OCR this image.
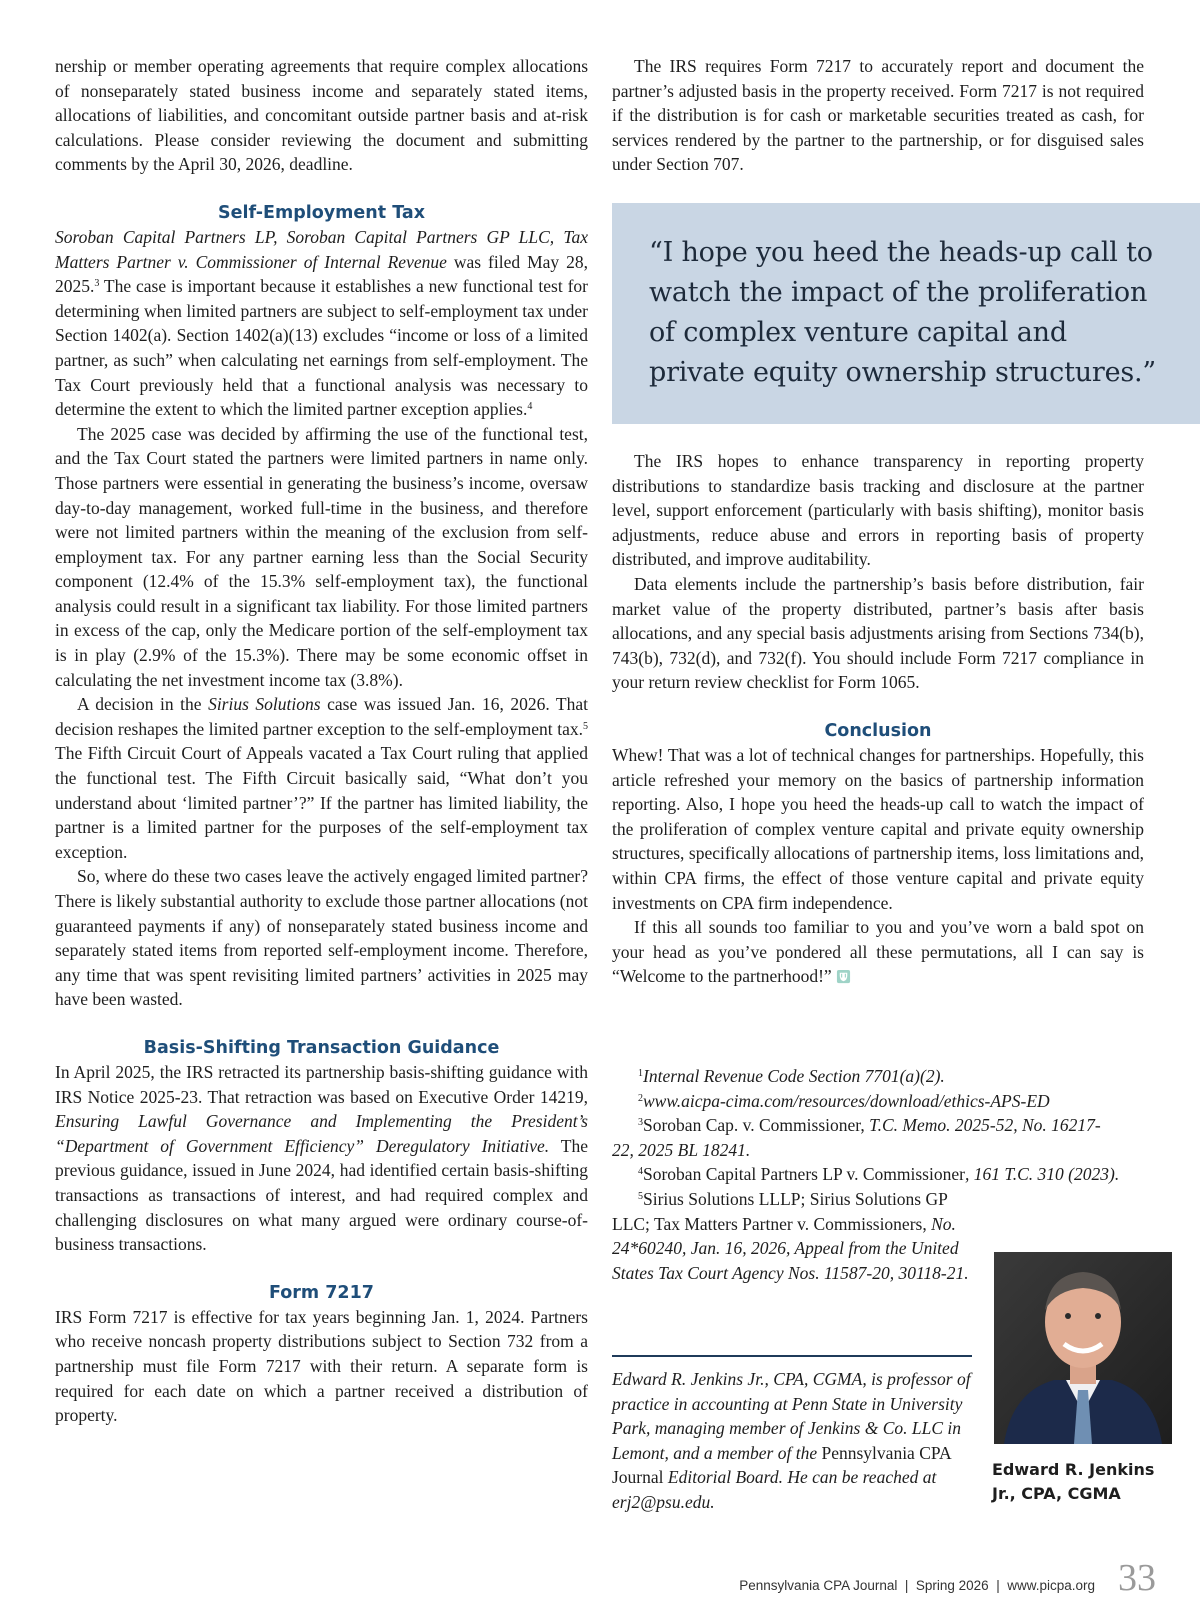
nership or member operating agreements that require complex allocations of nonseparately stated business income and separately stated items, allocations of liabilities, and concomitant outside partner basis and at-risk calculations. Please consider reviewing the document and submitting comments by the April 30, 2026, deadline.

Self-Employment Tax

Soroban Capital Partners LP, Soroban Capital Partners GP LLC, Tax Matters Partner v. Commissioner of Internal Revenue was filed May 28, 2025.$^3$ The case is important because it establishes a new functional test for determining when limited partners are subject to self-employment tax under Section 1402(a). Section 1402(a)(13) excludes “income or loss of a limited partner, as such” when calculating net earnings from self-employment. The Tax Court previously held that a functional analysis was necessary to determine the extent to which the limited partner exception applies.$^4$

The 2025 case was decided by affirming the use of the functional test, and the Tax Court stated the partners were limited partners in name only. Those partners were essential in generating the business’s income, oversaw day-to-day management, worked full-time in the business, and therefore were not limited partners within the meaning of the exclusion from self-employment tax. For any partner earning less than the Social Security component (12.4% of the 15.3% self-employment tax), the functional analysis could result in a significant tax liability. For those limited partners in excess of the cap, only the Medicare portion of the self-employment tax is in play (2.9% of the 15.3%). There may be some economic offset in calculating the net investment income tax (3.8%).

A decision in the Sirius Solutions case was issued Jan. 16, 2026. That decision reshapes the limited partner exception to the self-employment tax.$^5$ The Fifth Circuit Court of Appeals vacated a Tax Court ruling that applied the functional test. The Fifth Circuit basically said, “What don’t you understand about ‘limited partner’?” If the partner has limited liability, the partner is a limited partner for the purposes of the self-employment tax exception.

So, where do these two cases leave the actively engaged limited partner? There is likely substantial authority to exclude those partner allocations (not guaranteed payments if any) of nonseparately stated business income and separately stated items from reported self-employment income. Therefore, any time that was spent revisiting limited partners’ activities in 2025 may have been wasted.

Basis-Shifting Transaction Guidance

In April 2025, the IRS retracted its partnership basis-shifting guidance with IRS Notice 2025-23. That retraction was based on Executive Order 14219, Ensuring Lawful Governance and Implementing the President’s “Department of Government Efficiency” Deregulatory Initiative. The previous guidance, issued in June 2024, had identified certain basis-shifting transactions as transactions of interest, and had required complex and challenging disclosures on what many argued were ordinary course-of-business transactions.

Form 7217

IRS Form 7217 is effective for tax years beginning Jan. 1, 2024. Partners who receive noncash property distributions subject to Section 732 from a partnership must file Form 7217 with their return. A separate form is required for each date on which a partner received a distribution of property.

The IRS requires Form 7217 to accurately report and document the partner’s adjusted basis in the property received. Form 7217 is not required if the distribution is for cash or marketable securities treated as cash, for services rendered by the partner to the partnership, or for disguised sales under Section 707.

“I hope you heed the heads-up call to watch the impact of the proliferation of complex venture capital and private equity ownership structures.”

The IRS hopes to enhance transparency in reporting property distributions to standardize basis tracking and disclosure at the partner level, support enforcement (particularly with basis shifting), monitor basis adjustments, reduce abuse and errors in reporting basis of property distributed, and improve auditability.

Data elements include the partnership’s basis before distribution, fair market value of the property distributed, partner’s basis after basis allocations, and any special basis adjustments arising from Sections 734(b), 743(b), 732(d), and 732(f). You should include Form 7217 compliance in your return review checklist for Form 1065.

Conclusion

Whew! That was a lot of technical changes for partnerships. Hopefully, this article refreshed your memory on the basics of partnership information reporting. Also, I hope you heed the heads-up call to watch the impact of the proliferation of complex venture capital and private equity ownership structures, specifically allocations of partnership items, loss limitations and, within CPA firms, the effect of those venture capital and private equity investments on CPA firm independence.

If this all sounds too familiar to you and you’ve worn a bald spot on your head as you’ve pondered all these permutations, all I can say is “Welcome to the partnerhood!”

$^1$Internal Revenue Code Section 7701(a)(2).

$^2$www.aicpa-cima.com/resources/download/ethics-APS-ED

$^3$Soroban Cap. v. Commissioner, T.C. Memo. 2025-52, No. 16217-22, 2025 BL 18241.

$^4$Soroban Capital Partners LP v. Commissioner, 161 T.C. 310 (2023).

$^5$Sirius Solutions LLLP; Sirius Solutions GP LLC; Tax Matters Partner v. Commissioners, No. 24*60240, Jan. 16, 2026, Appeal from the United States Tax Court Agency Nos. 11587-20, 30118-21.

Edward R. Jenkins Jr., CPA, CGMA, is professor of practice in accounting at Penn State in University Park, managing member of Jenkins & Co. LLC in Lemont, and a member of the Pennsylvania CPA Journal Editorial Board. He can be reached at erj2@psu.edu.
Edward R. Jenkins Jr., CPA, CGMA
Pennsylvania CPA Journal  |  Spring 2026  |  www.picpa.org 33
